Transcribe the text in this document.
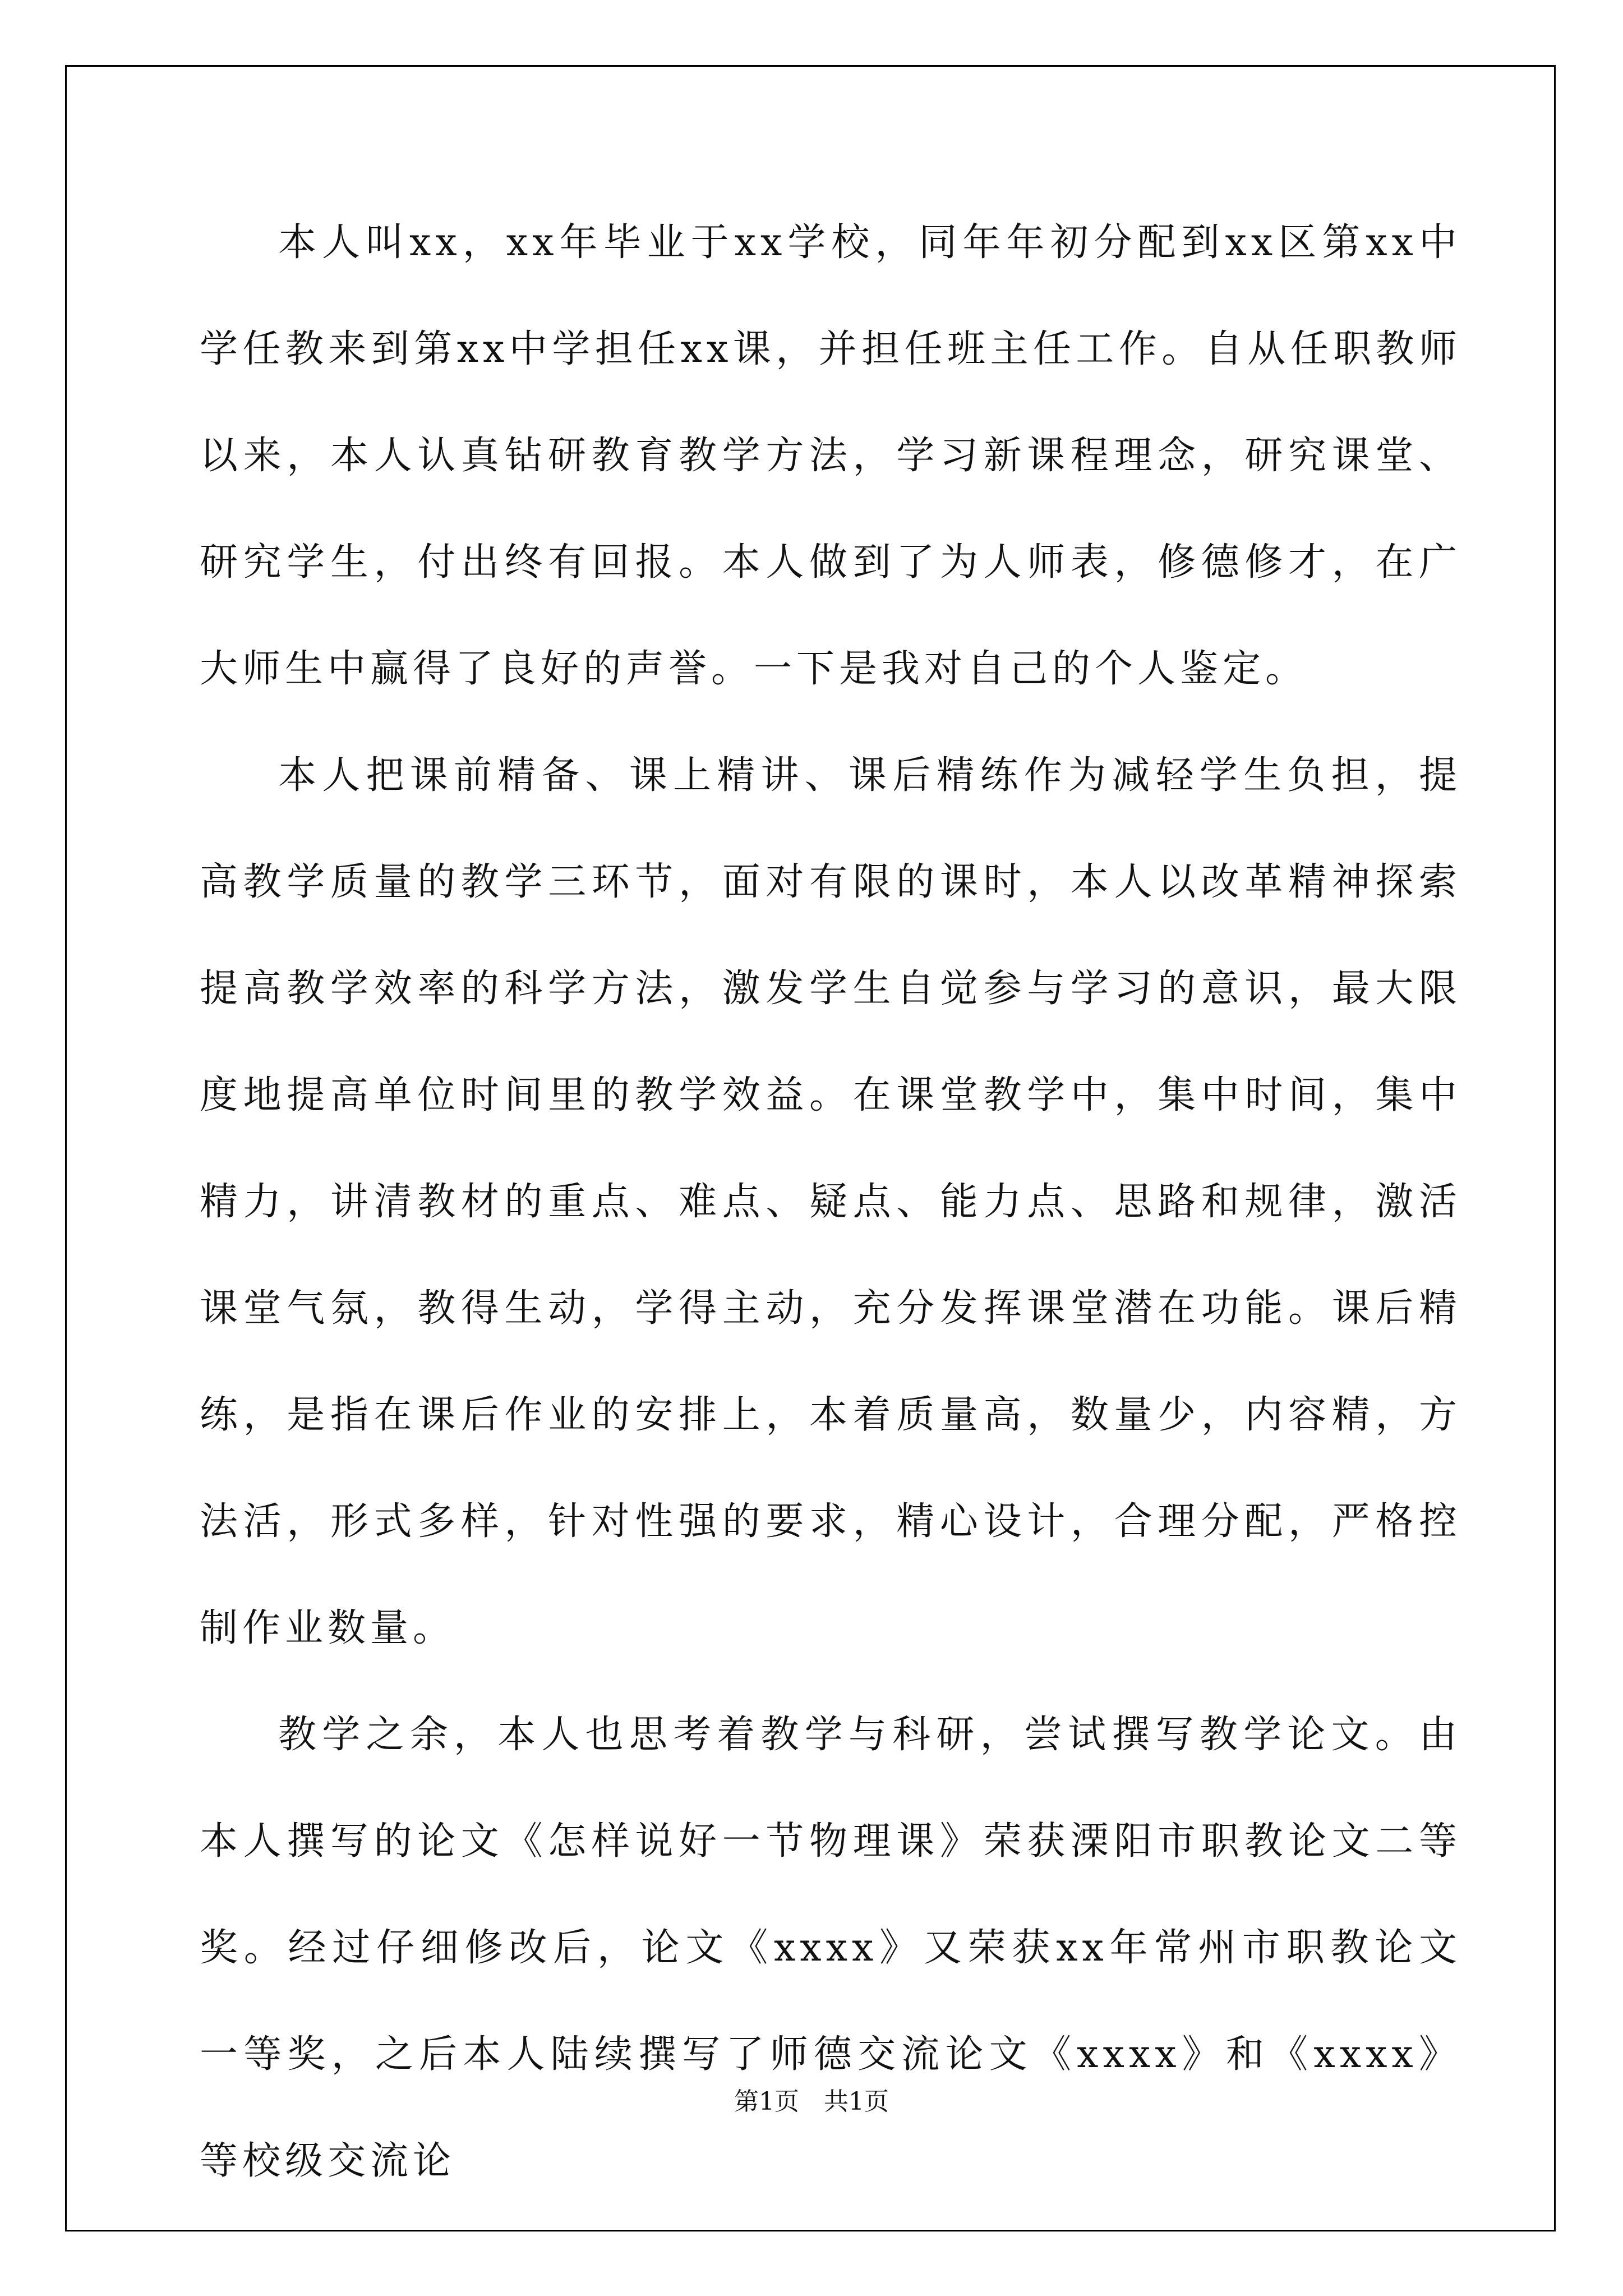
本人叫xx，xx年毕业于xx学校，同年年初分配到xx区第xx中学任教来到第xx中学担任xx课，并担任班主任工作。自从任职教师以来，本人认真钻研教育教学方法，学习新课程理念，研究课堂、研究学生，付出终有回报。本人做到了为人师表，修德修才，在广大师生中赢得了良好的声誉。一下是我对自己的个人鉴定。

本人把课前精备、课上精讲、课后精练作为减轻学生负担，提高教学质量的教学三环节，面对有限的课时，本人以改革精神探索提高教学效率的科学方法，激发学生自觉参与学习的意识，最大限度地提高单位时间里的教学效益。在课堂教学中，集中时间，集中精力，讲清教材的重点、难点、疑点、能力点、思路和规律，激活课堂气氛，教得生动，学得主动，充分发挥课堂潜在功能。课后精练，是指在课后作业的安排上，本着质量高，数量少，内容精，方法活，形式多样，针对性强的要求，精心设计，合理分配，严格控制作业数量。

教学之余，本人也思考着教学与科研，尝试撰写教学论文。由本人撰写的论文《怎样说好一节物理课》荣获溧阳市职教论文二等奖。经过仔细修改后，论文《xxxx》又荣获xx年常州市职教论文一等奖，之后本人陆续撰写了师德交流论文《xxxx》和《xxxx》等校级交流论

第1页　共1页
